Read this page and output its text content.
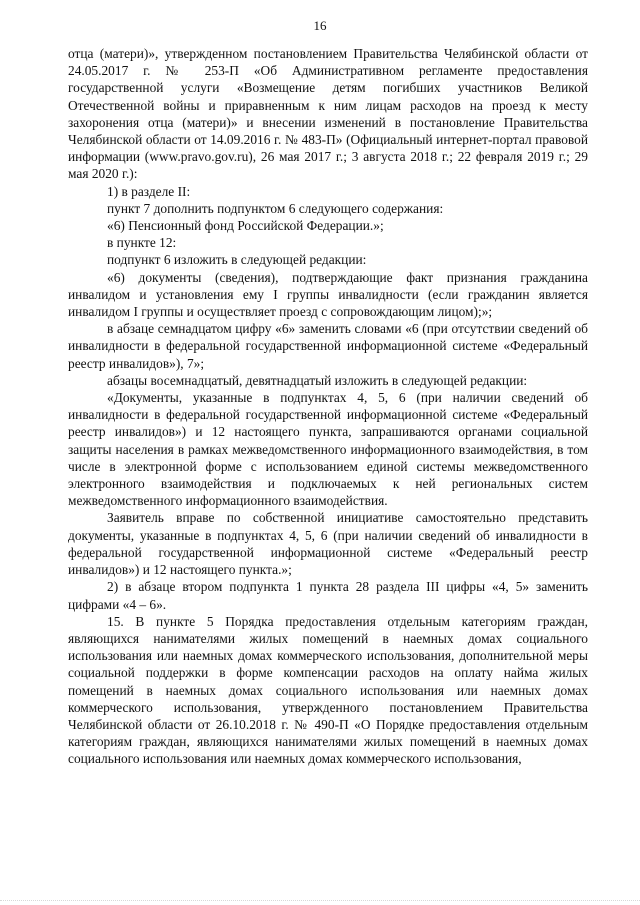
16

отца (матери)», утвержденном постановлением Правительства Челябинской области от 24.05.2017 г. № 253-П «Об Административном регламенте предоставления государственной услуги «Возмещение детям погибших участников Великой Отечественной войны и приравненным к ним лицам расходов на проезд к месту захоронения отца (матери)» и внесении изменений в постановление Правительства Челябинской области от 14.09.2016 г. № 483-П» (Официальный интернет-портал правовой информации (www.pravo.gov.ru), 26 мая 2017 г.; 3 августа 2018 г.; 22 февраля 2019 г.; 29 мая 2020 г.):

1) в разделе II:

пункт 7 дополнить подпунктом 6 следующего содержания:

«6) Пенсионный фонд Российской Федерации.»;

в пункте 12:

подпункт 6 изложить в следующей редакции:

«6) документы (сведения), подтверждающие факт признания гражданина инвалидом и установления ему I группы инвалидности (если гражданин является инвалидом I группы и осуществляет проезд с сопровождающим лицом);»;

в абзаце семнадцатом цифру «6» заменить словами «6 (при отсутствии сведений об инвалидности в федеральной государственной информационной системе «Федеральный реестр инвалидов»), 7»;

абзацы восемнадцатый, девятнадцатый изложить в следующей редакции:

«Документы, указанные в подпунктах 4, 5, 6 (при наличии сведений об инвалидности в федеральной государственной информационной системе «Федеральный реестр инвалидов») и 12 настоящего пункта, запрашиваются органами социальной защиты населения в рамках межведомственного информационного взаимодействия, в том числе в электронной форме с использованием единой системы межведомственного электронного взаимодействия и подключаемых к ней региональных систем межведомственного информационного взаимодействия.

Заявитель вправе по собственной инициативе самостоятельно представить документы, указанные в подпунктах 4, 5, 6 (при наличии сведений об инвалидности в федеральной государственной информационной системе «Федеральный реестр инвалидов») и 12 настоящего пункта.»;

2) в абзаце втором подпункта 1 пункта 28 раздела III цифры «4, 5» заменить цифрами «4 – 6».

15. В пункте 5 Порядка предоставления отдельным категориям граждан, являющихся нанимателями жилых помещений в наемных домах социального использования или наемных домах коммерческого использования, дополнительной меры социальной поддержки в форме компенсации расходов на оплату найма жилых помещений в наемных домах социального использования или наемных домах коммерческого использования, утвержденного постановлением Правительства Челябинской области от 26.10.2018 г. № 490-П «О Порядке предоставления отдельным категориям граждан, являющихся нанимателями жилых помещений в наемных домах социального использования или наемных домах коммерческого использования,
